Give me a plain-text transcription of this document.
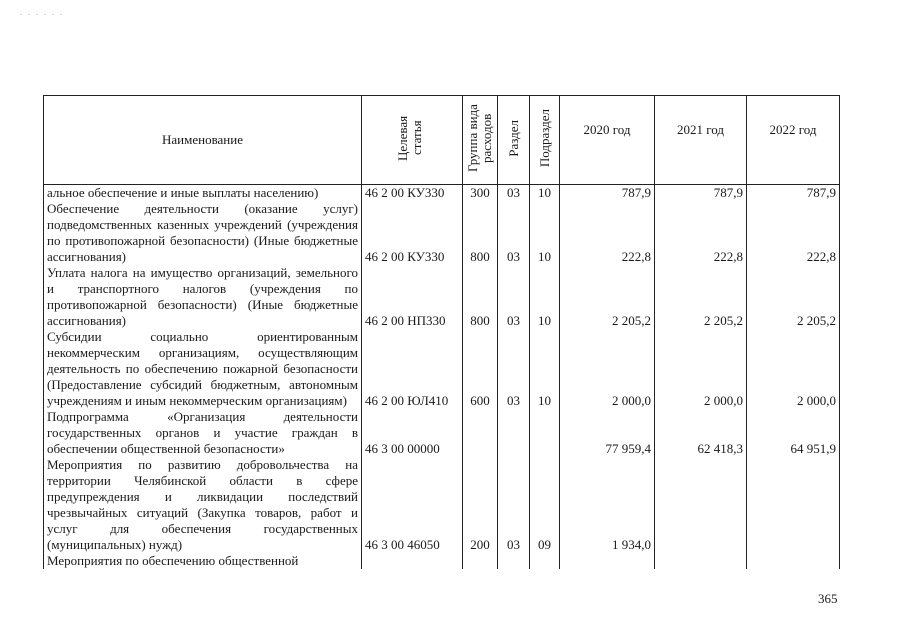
. . . . . .
Наименование	Целевая статья	Группа вида расходов	Раздел	Подраздел	2020 год	2021 год	2022 год
альное обеспечение и иные выплаты населению)	46 2 00 КУ330	300	03	10	787,9	787,9	787,9
Обеспечение деятельности (оказание услуг) подведомственных казенных учреждений (учреждения по противопожарной безопасности) (Иные бюджетные ассигнования)	46 2 00 КУ330	800	03	10	222,8	222,8	222,8
Уплата налога на имущество организаций, земельного и транспортного налогов (учреждения по противопожарной безопасности) (Иные бюджетные ассигнования)	46 2 00 НП330	800	03	10	2 205,2	2 205,2	2 205,2
Субсидии социально ориентированным некоммерческим организациям, осуществляющим деятельность по обеспечению пожарной безопасности (Предоставление субсидий бюджетным, автономным учреждениям и иным некоммерческим организациям)	46 2 00 ЮЛ410	600	03	10	2 000,0	2 000,0	2 000,0
Подпрограмма «Организация деятельности государственных органов и участие граждан в обеспечении общественной безопасности»	46 3 00 00000				77 959,4	62 418,3	64 951,9
Мероприятия по развитию добровольчества на территории Челябинской области в сфере предупреждения и ликвидации последствий чрезвычайных ситуаций (Закупка товаров, работ и услуг для обеспечения государственных (муниципальных) нужд)	46 3 00 46050	200	03	09	1 934,0		
Мероприятия по обеспечению общественной							
365
